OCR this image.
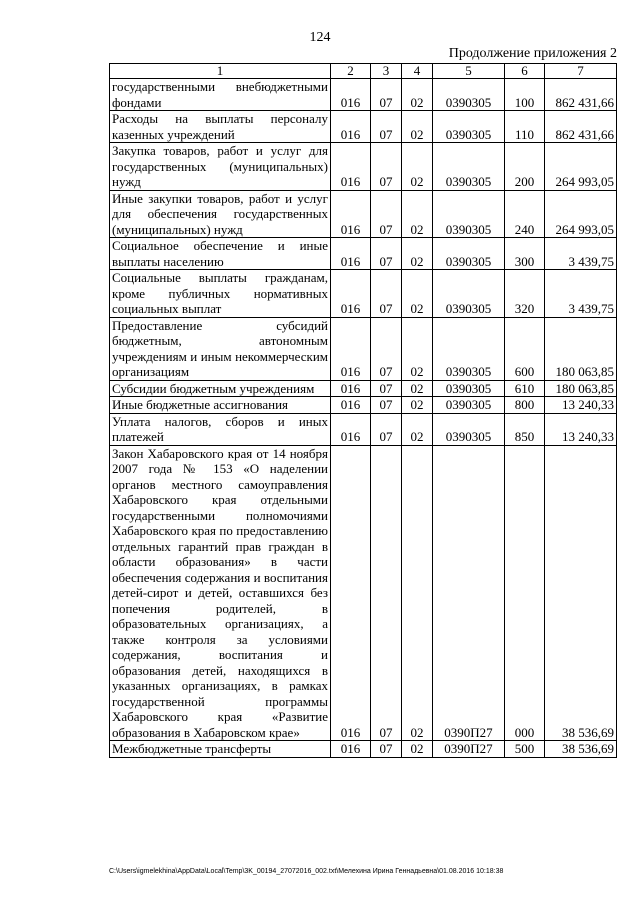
124
Продолжение приложения 2
1	2	3	4	5	6	7
государственными внебюджетными фондами	016	07	02	0390305	100	862 431,66
Расходы на выплаты персоналу казенных учреждений	016	07	02	0390305	110	862 431,66
Закупка товаров, работ и услуг для государственных (муниципальных) нужд	016	07	02	0390305	200	264 993,05
Иные закупки товаров, работ и услуг для обеспечения государственных (муниципальных) нужд	016	07	02	0390305	240	264 993,05
Социальное обеспечение и иные выплаты населению	016	07	02	0390305	300	3 439,75
Социальные выплаты гражданам, кроме публичных нормативных социальных выплат	016	07	02	0390305	320	3 439,75
Предоставление субсидий бюджетным, автономным учреждениям и иным некоммерческим организациям	016	07	02	0390305	600	180 063,85
Субсидии бюджетным учреждениям	016	07	02	0390305	610	180 063,85
Иные бюджетные ассигнования	016	07	02	0390305	800	13 240,33
Уплата налогов, сборов и иных платежей	016	07	02	0390305	850	13 240,33
Закон Хабаровского края от 14 ноября 2007 года № 153 «О наделении органов местного самоуправления Хабаровского края отдельными государственными полномочиями Хабаровского края по предоставлению отдельных гарантий прав граждан в области образования» в части обеспечения содержания и воспитания детей-сирот и детей, оставшихся без попечения родителей, в образовательных организациях, а также контроля за условиями содержания, воспитания и образования детей, находящихся в указанных организациях, в рамках государственной программы Хабаровского края «Развитие образования в Хабаровском крае»	016	07	02	0390П27	000	38 536,69
Межбюджетные трансферты	016	07	02	0390П27	500	38 536,69
C:\Users\igmelekhina\AppData\Local\Temp\3K_00194_27072016_002.txt\Мелехина Ирина Геннадьевна\01.08.2016 10:18:38
